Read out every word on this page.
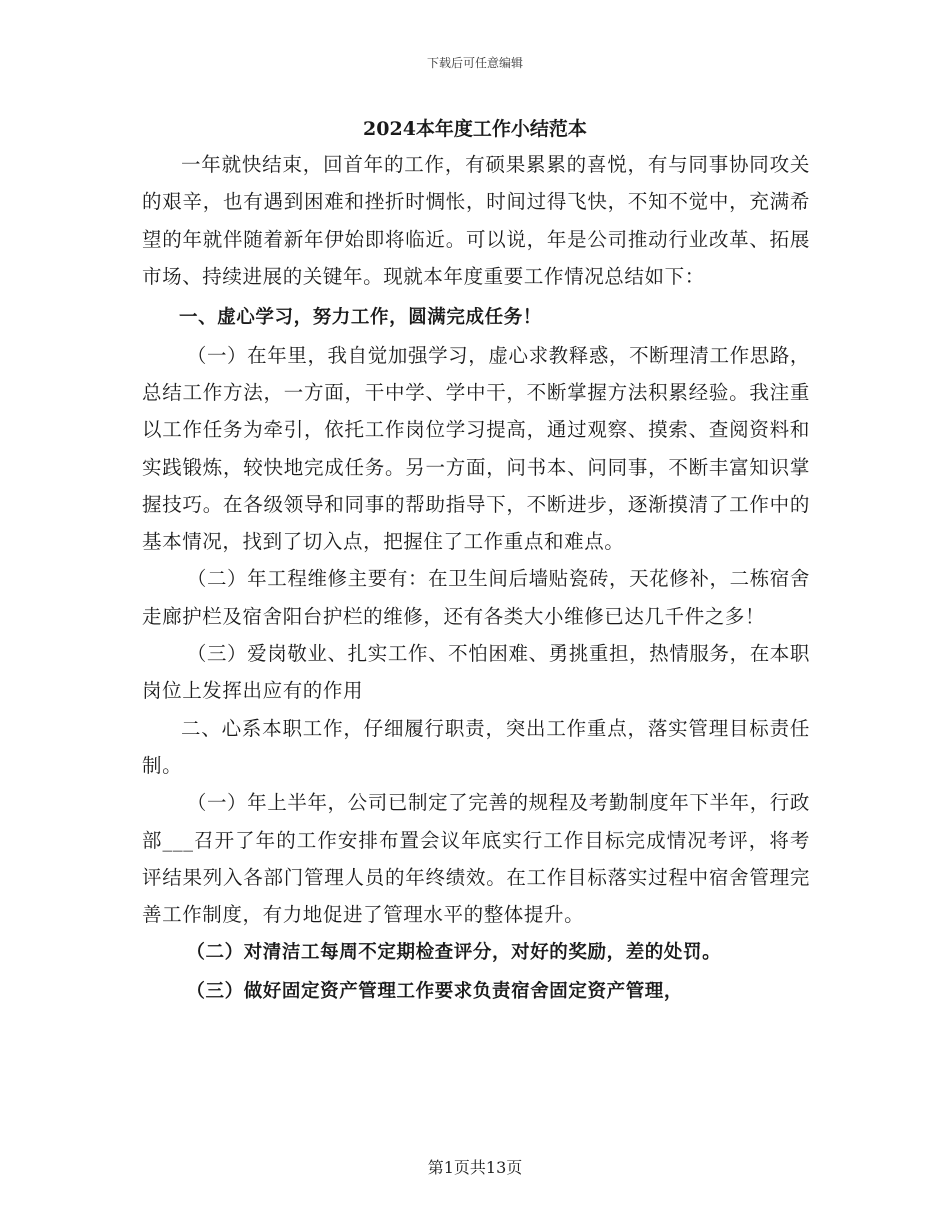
下载后可任意编辑
2024本年度工作小结范本

一年就快结束，回首年的工作，有硕果累累的喜悦，有与同事协同攻关的艰辛，也有遇到困难和挫折时惆怅，时间过得飞快，不知不觉中，充满希望的年就伴随着新年伊始即将临近。可以说，年是公司推动行业改革、拓展市场、持续进展的关键年。现就本年度重要工作情况总结如下：

一、虚心学习，努力工作，圆满完成任务！

（一）在年里，我自觉加强学习，虚心求教释惑，不断理清工作思路，总结工作方法，一方面，干中学、学中干，不断掌握方法积累经验。我注重以工作任务为牵引，依托工作岗位学习提高，通过观察、摸索、查阅资料和实践锻炼，较快地完成任务。另一方面，问书本、问同事，不断丰富知识掌握技巧。在各级领导和同事的帮助指导下，不断进步，逐渐摸清了工作中的基本情况，找到了切入点，把握住了工作重点和难点。

（二）年工程维修主要有：在卫生间后墙贴瓷砖，天花修补，二栋宿舍走廊护栏及宿舍阳台护栏的维修，还有各类大小维修已达几千件之多！

（三）爱岗敬业、扎实工作、不怕困难、勇挑重担，热情服务，在本职岗位上发挥出应有的作用

二、心系本职工作，仔细履行职责，突出工作重点，落实管理目标责任制。

（一）年上半年，公司已制定了完善的规程及考勤制度年下半年，行政部___召开了年的工作安排布置会议年底实行工作目标完成情况考评，将考评结果列入各部门管理人员的年终绩效。在工作目标落实过程中宿舍管理完善工作制度，有力地促进了管理水平的整体提升。

（二）对清洁工每周不定期检查评分，对好的奖励，差的处罚。

（三）做好固定资产管理工作要求负责宿舍固定资产管理，

第1页共13页
